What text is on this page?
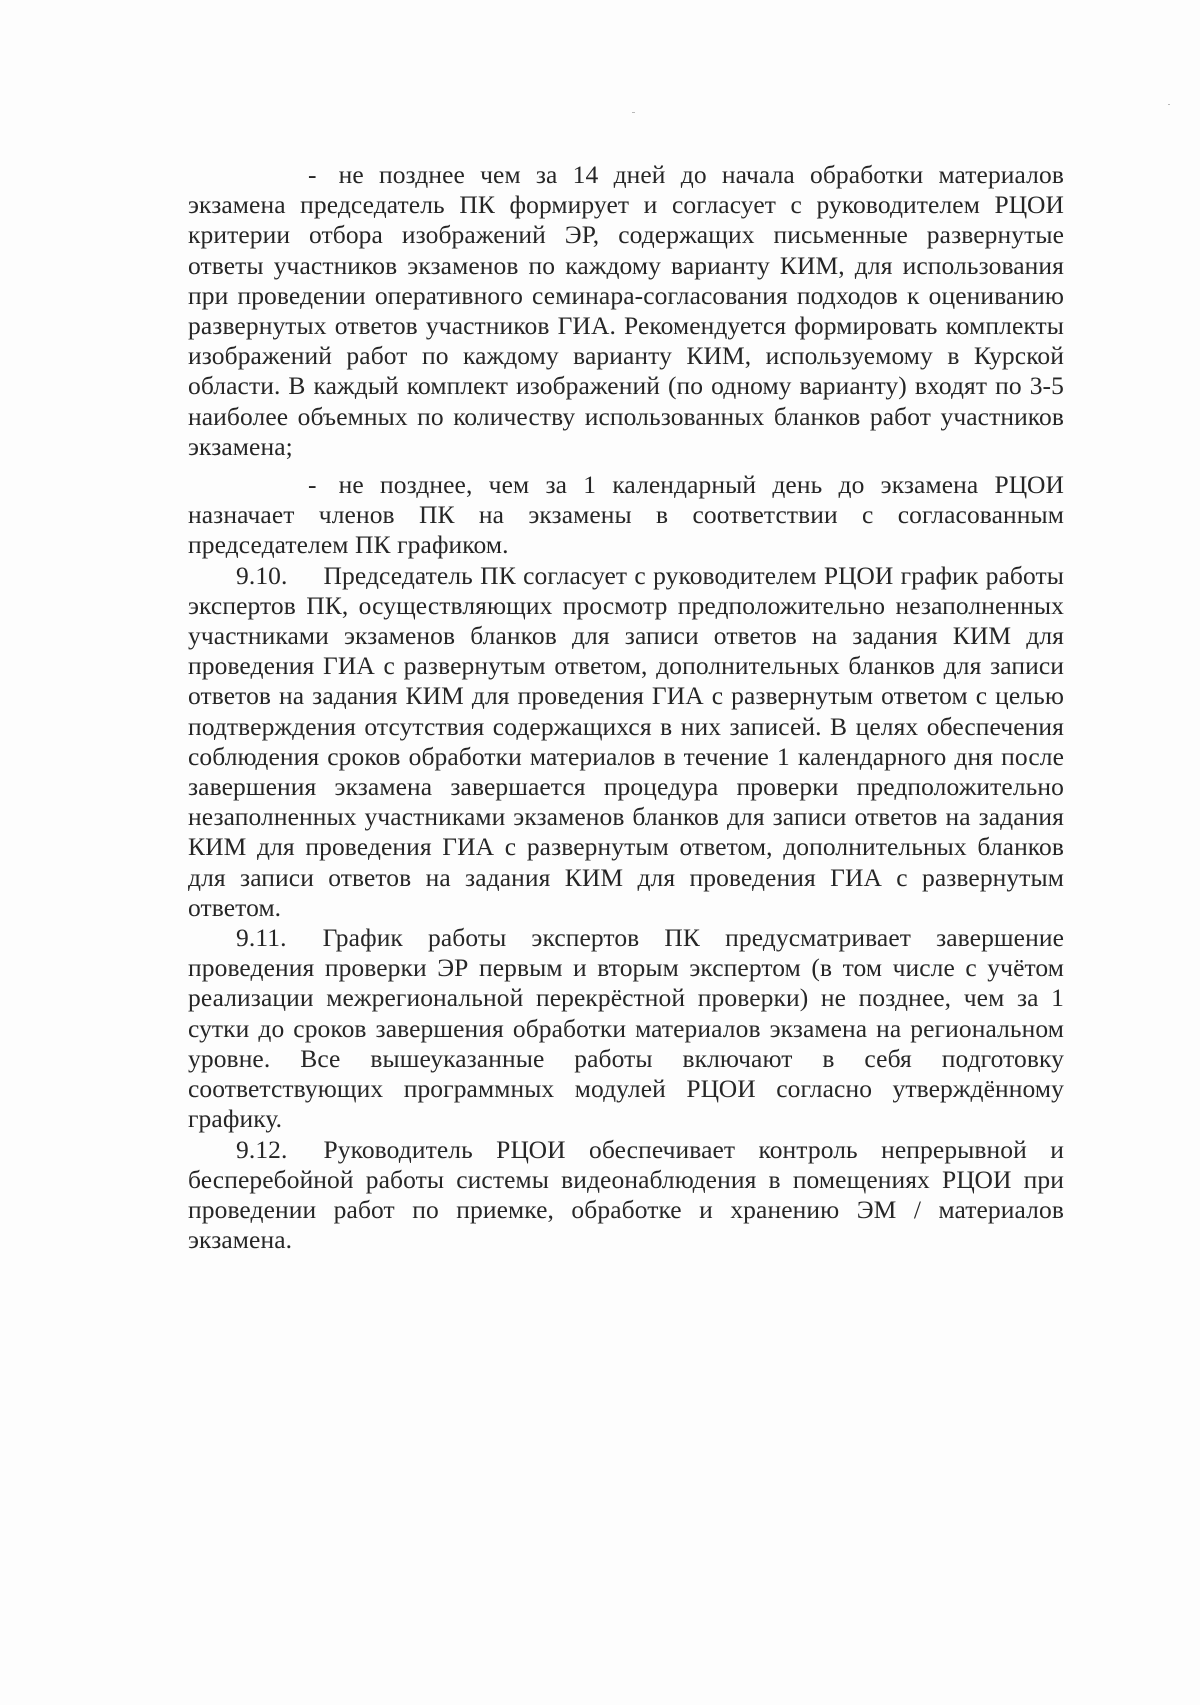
- не позднее чем за 14 дней до начала обработки материалов экзамена председатель ПК формирует и согласует с руководителем РЦОИ критерии отбора изображений ЭР, содержащих письменные развернутые ответы участников экзаменов по каждому варианту КИМ, для использования при проведении оперативного семинара-согласования подходов к оцениванию развернутых ответов участников ГИА. Рекомендуется формировать комплекты изображений работ по каждому варианту КИМ, используемому в Курской области. В каждый комплект изображений (по одному варианту) входят по 3-5 наиболее объемных по количеству использованных бланков работ участников экзамена;

- не позднее, чем за 1 календарный день до экзамена РЦОИ назначает членов ПК на экзамены в соответствии с согласованным председателем ПК графиком.

9.10. Председатель ПК согласует с руководителем РЦОИ график работы экспертов ПК, осуществляющих просмотр предположительно незаполненных участниками экзаменов бланков для записи ответов на задания КИМ для проведения ГИА с развернутым ответом, дополнительных бланков для записи ответов на задания КИМ для проведения ГИА с развернутым ответом с целью подтверждения отсутствия содержащихся в них записей. В целях обеспечения соблюдения сроков обработки материалов в течение 1 календарного дня после завершения экзамена завершается процедура проверки предположительно незаполненных участниками экзаменов бланков для записи ответов на задания КИМ для проведения ГИА с развернутым ответом, дополнительных бланков для записи ответов на задания КИМ для проведения ГИА с развернутым ответом.

9.11. График работы экспертов ПК предусматривает завершение проведения проверки ЭР первым и вторым экспертом (в том числе с учётом реализации межрегиональной перекрёстной проверки) не позднее, чем за 1 сутки до сроков завершения обработки материалов экзамена на региональном уровне. Все вышеуказанные работы включают в себя подготовку соответствующих программных модулей РЦОИ согласно утверждённому графику.

9.12. Руководитель РЦОИ обеспечивает контроль непрерывной и бесперебойной работы системы видеонаблюдения в помещениях РЦОИ при проведении работ по приемке, обработке и хранению ЭМ / материалов экзамена.
